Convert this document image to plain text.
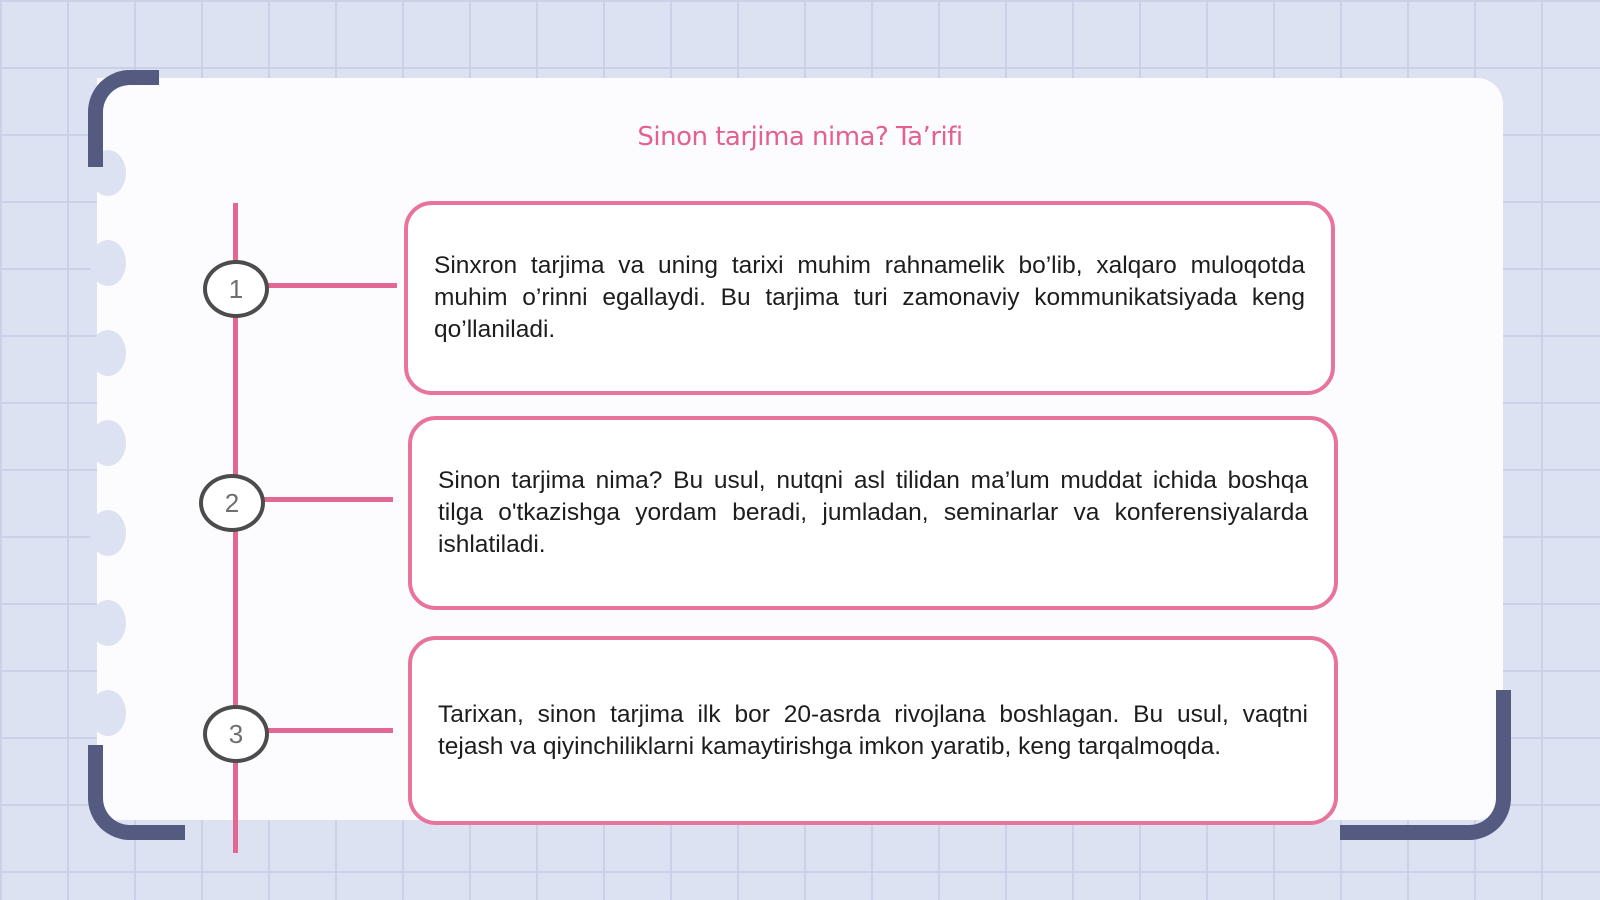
Sinon tarjima nima? Ta’rifi
1
2
3

Sinxron tarjima va uning tarixi muhim rahnamelik bo’lib, xalqaro muloqotda muhim o’rinni egallaydi. Bu tarjima turi zamonaviy kommunikatsiyada keng qo’llaniladi.

Sinon tarjima nima? Bu usul, nutqni asl tilidan ma’lum muddat ichida boshqa tilga o'tkazishga yordam beradi, jumladan, seminarlar va konferensiyalarda ishlatiladi.

Tarixan, sinon tarjima ilk bor 20-asrda rivojlana boshlagan. Bu usul, vaqtni tejash va qiyinchiliklarni kamaytirishga imkon yaratib, keng tarqalmoqda.
